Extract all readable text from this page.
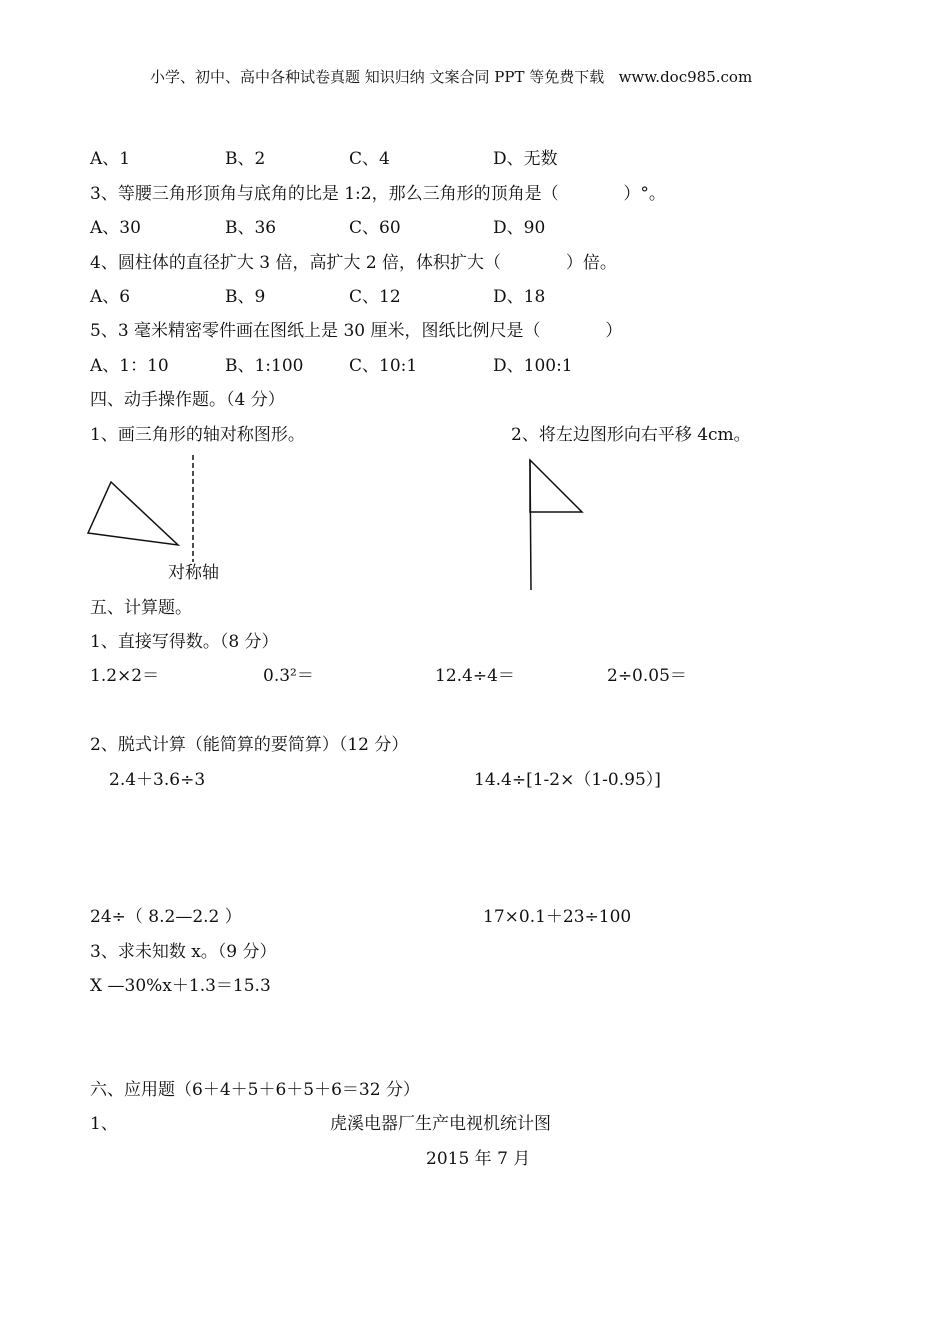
小学、初中、高中各种试卷真题 知识归纳 文案合同 PPT 等免费下载   www.doc985.com
A、1	B、2	C、4	D、无数
3、等腰三角形顶角与底角的比是 1:2，那么三角形的顶角是（            ）°。
A、30	B、36	C、60	D、90
4、圆柱体的直径扩大 3 倍，高扩大 2 倍，体积扩大（            ）倍。
A、6	B、9	C、12	D、18
5、3 毫米精密零件画在图纸上是 30 厘米，图纸比例尺是（            ）
A、1：10	B、1:100	C、10:1	D、100:1
四、动手操作题。（4 分）
1、画三角形的轴对称图形。	2、将左边图形向右平移 4cm。
对称轴
五、计算题。
1、直接写得数。（8 分）
1.2×2＝	0.3²＝	12.4÷4＝	2÷0.05＝
2、脱式计算（能简算的要简算）（12 分）
2.4＋3.6÷3	14.4÷[1-2×（1-0.95）]
24÷（ 8.2—2.2 ）	17×0.1＋23÷100
3、求未知数 x。（9 分）
X —30%x＋1.3＝15.3
六、应用题（6＋4＋5＋6＋5＋6＝32 分）
1、	虎溪电器厂生产电视机统计图
2015 年 7 月
